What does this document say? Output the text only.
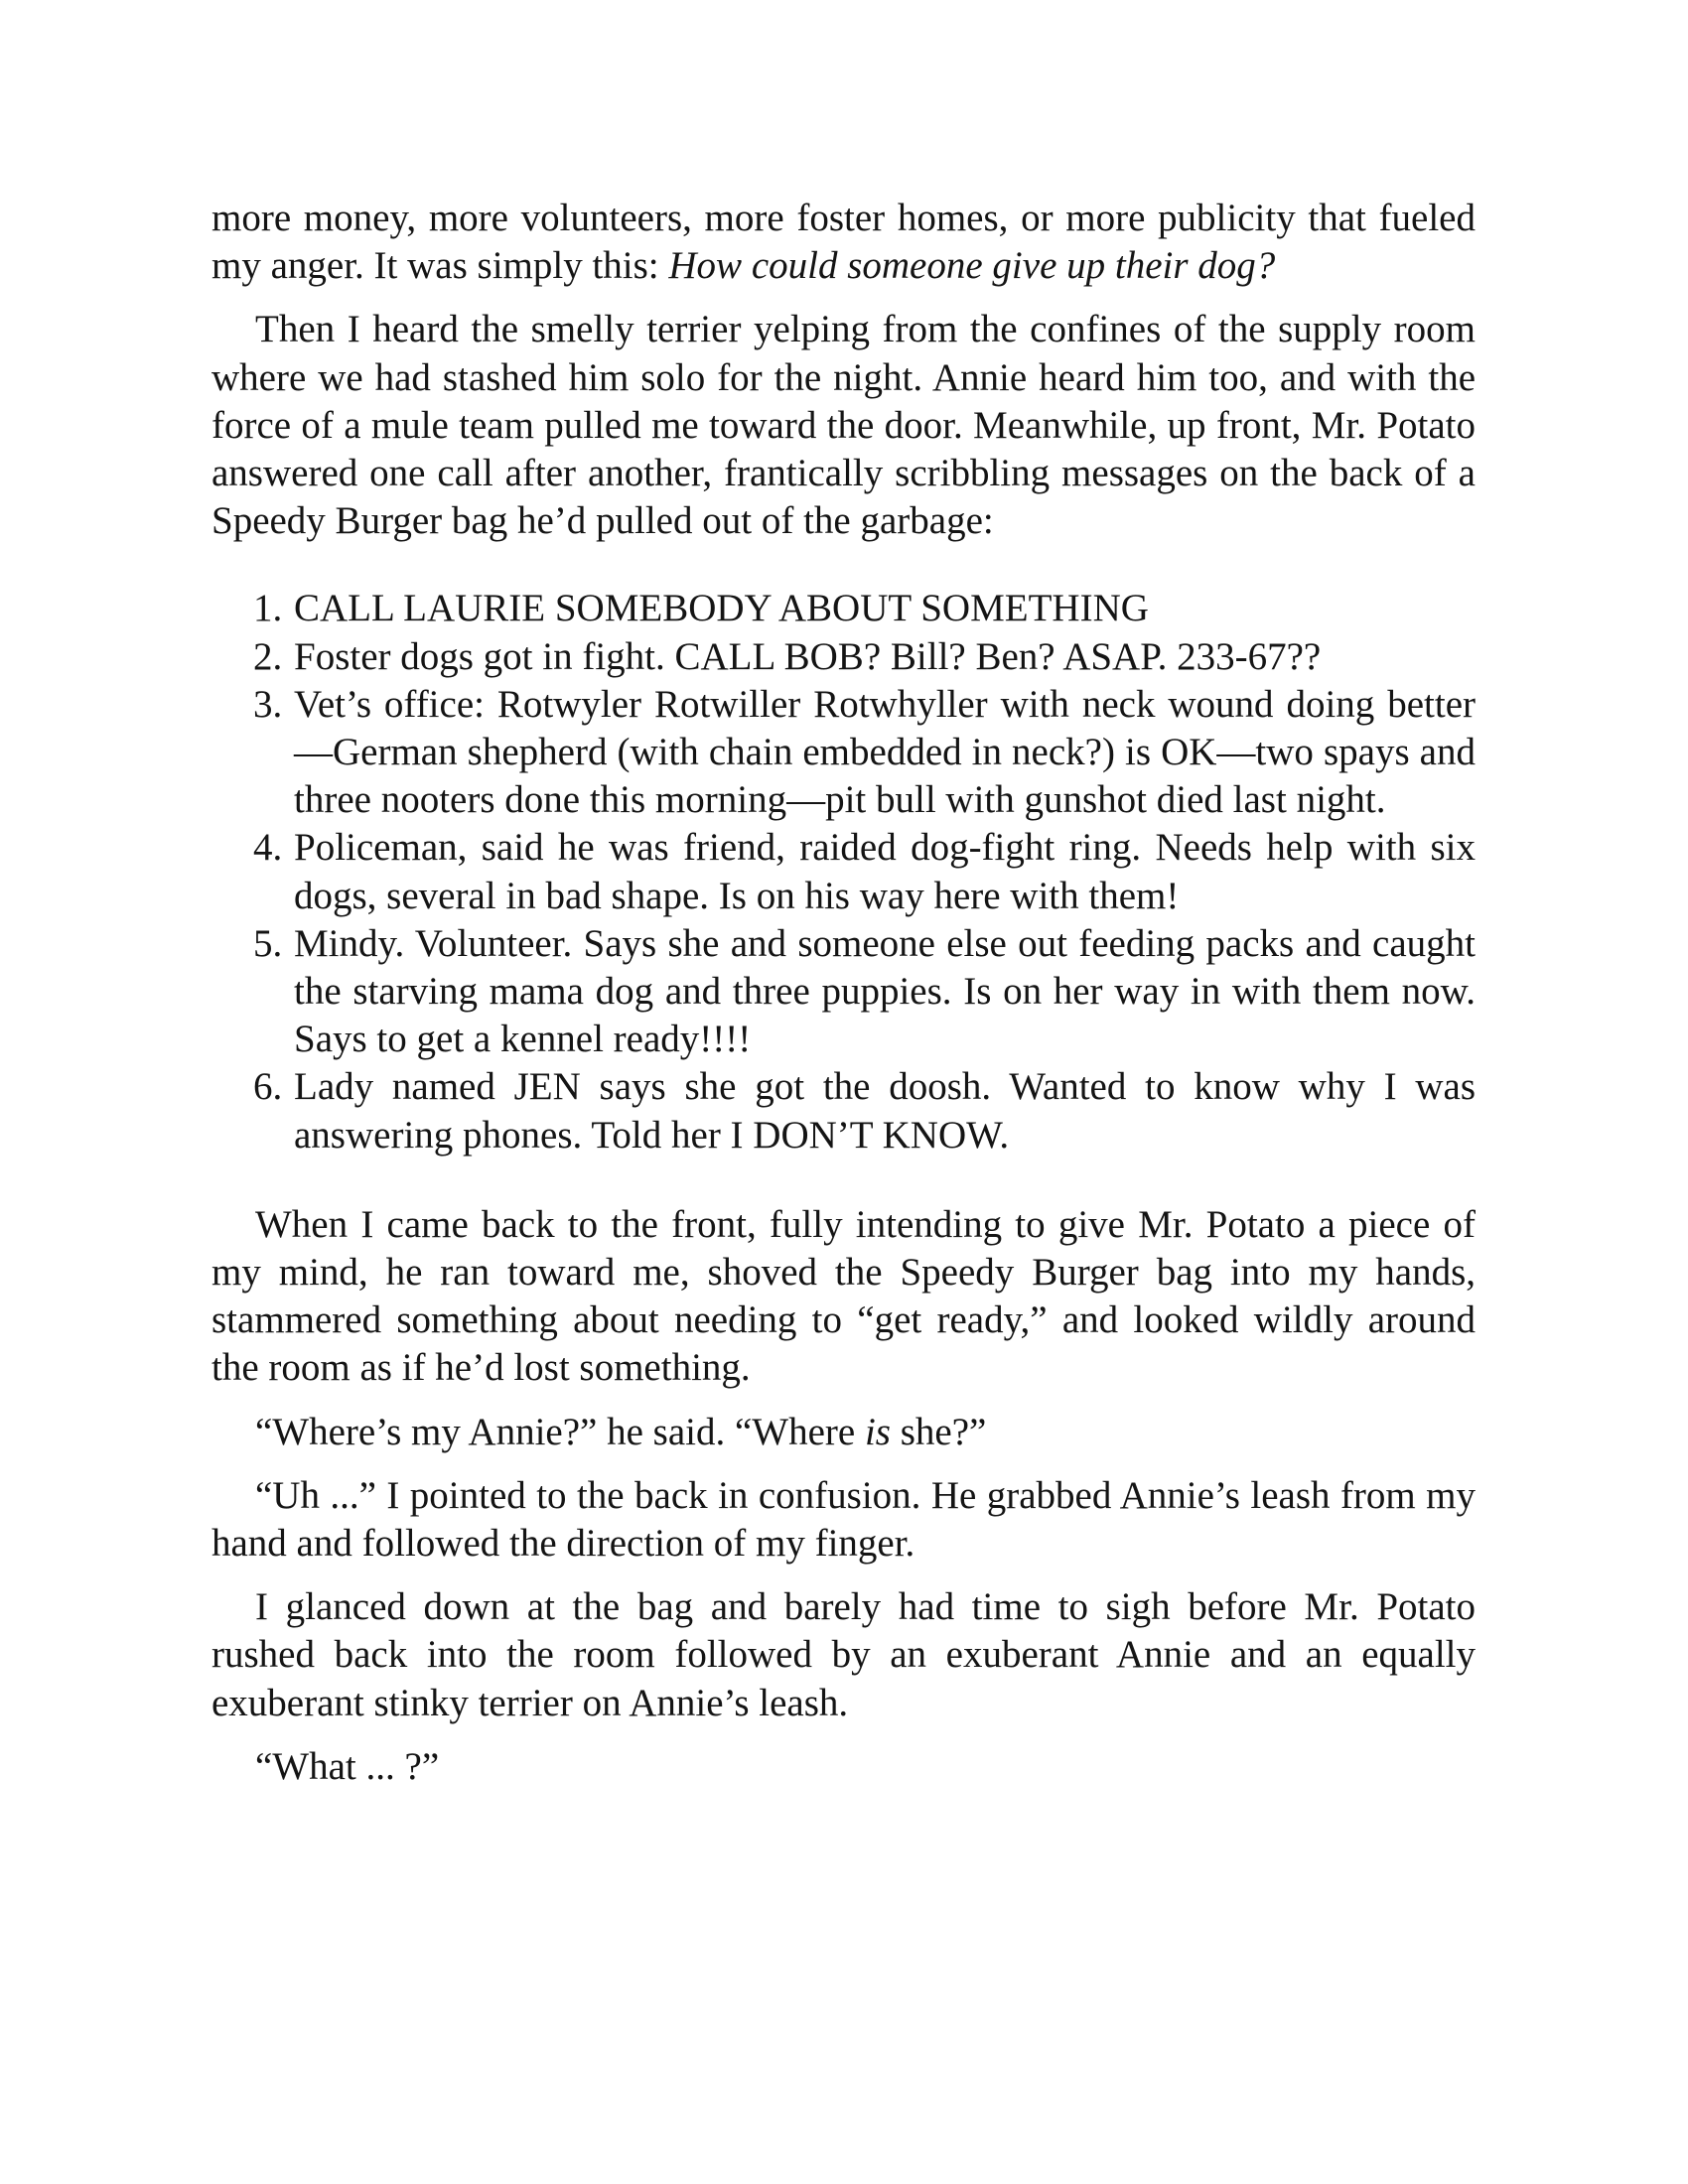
more money, more volunteers, more foster homes, or more publicity that fueled my anger. It was simply this: How could someone give up their dog?

Then I heard the smelly terrier yelping from the confines of the supply room where we had stashed him solo for the night. Annie heard him too, and with the force of a mule team pulled me toward the door. Meanwhile, up front, Mr. Potato answered one call after another, frantically scribbling messages on the back of a Speedy Burger bag he’d pulled out of the garbage:

1. CALL LAURIE SOMEBODY ABOUT SOMETHING
2. Foster dogs got in fight. CALL BOB? Bill? Ben? ASAP. 233-67??
3. Vet’s office: Rotwyler Rotwiller Rotwhyller with neck wound doing better—German shepherd (with chain embedded in neck?) is OK—two spays and three nooters done this morning—pit bull with gunshot died last night.
4. Policeman, said he was friend, raided dog-fight ring. Needs help with six dogs, several in bad shape. Is on his way here with them!
5. Mindy. Volunteer. Says she and someone else out feeding packs and caught the starving mama dog and three puppies. Is on her way in with them now. Says to get a kennel ready!!!!
6. Lady named JEN says she got the doosh. Wanted to know why I was answering phones. Told her I DON’T KNOW.

When I came back to the front, fully intending to give Mr. Potato a piece of my mind, he ran toward me, shoved the Speedy Burger bag into my hands, stammered something about needing to “get ready,” and looked wildly around the room as if he’d lost something.

“Where’s my Annie?” he said. “Where is she?”

“Uh ...” I pointed to the back in confusion. He grabbed Annie’s leash from my hand and followed the direction of my finger.

I glanced down at the bag and barely had time to sigh before Mr. Potato rushed back into the room followed by an exuberant Annie and an equally exuberant stinky terrier on Annie’s leash.

“What ... ?”
